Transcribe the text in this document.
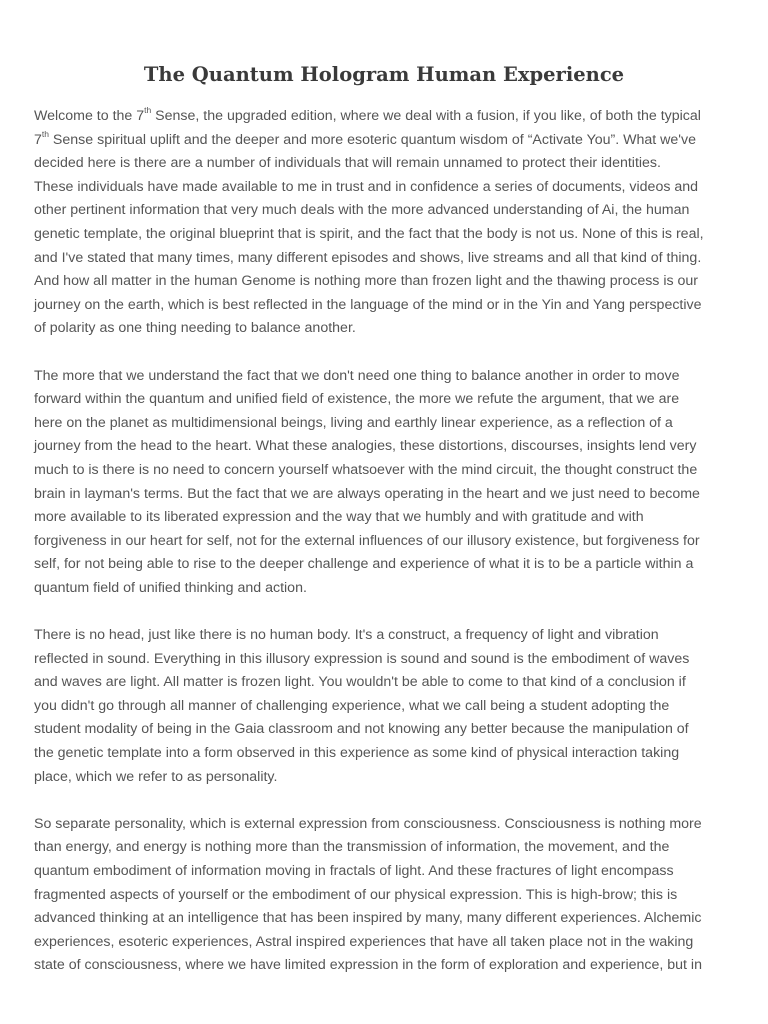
The Quantum Hologram Human Experience

Welcome to the 7th Sense, the upgraded edition, where we deal with a fusion, if you like, of both the typical
7th Sense spiritual uplift and the deeper and more esoteric quantum wisdom of “Activate You”. What we've
decided here is there are a number of individuals that will remain unnamed to protect their identities.
These individuals have made available to me in trust and in confidence a series of documents, videos and
other pertinent information that very much deals with the more advanced understanding of Ai, the human
genetic template, the original blueprint that is spirit, and the fact that the body is not us. None of this is real,
and I've stated that many times, many different episodes and shows, live streams and all that kind of thing.
And how all matter in the human Genome is nothing more than frozen light and the thawing process is our
journey on the earth, which is best reflected in the language of the mind or in the Yin and Yang perspective
of polarity as one thing needing to balance another.

The more that we understand the fact that we don't need one thing to balance another in order to move
forward within the quantum and unified field of existence, the more we refute the argument, that we are
here on the planet as multidimensional beings, living and earthly linear experience, as a reflection of a
journey from the head to the heart. What these analogies, these distortions, discourses, insights lend very
much to is there is no need to concern yourself whatsoever with the mind circuit, the thought construct the
brain in layman's terms. But the fact that we are always operating in the heart and we just need to become
more available to its liberated expression and the way that we humbly and with gratitude and with
forgiveness in our heart for self, not for the external influences of our illusory existence, but forgiveness for
self, for not being able to rise to the deeper challenge and experience of what it is to be a particle within a
quantum field of unified thinking and action.

There is no head, just like there is no human body. It's a construct, a frequency of light and vibration
reflected in sound. Everything in this illusory expression is sound and sound is the embodiment of waves
and waves are light. All matter is frozen light. You wouldn't be able to come to that kind of a conclusion if
you didn't go through all manner of challenging experience, what we call being a student adopting the
student modality of being in the Gaia classroom and not knowing any better because the manipulation of
the genetic template into a form observed in this experience as some kind of physical interaction taking
place, which we refer to as personality.

So separate personality, which is external expression from consciousness. Consciousness is nothing more
than energy, and energy is nothing more than the transmission of information, the movement, and the
quantum embodiment of information moving in fractals of light. And these fractures of light encompass
fragmented aspects of yourself or the embodiment of our physical expression. This is high-brow; this is
advanced thinking at an intelligence that has been inspired by many, many different experiences. Alchemic
experiences, esoteric experiences, Astral inspired experiences that have all taken place not in the waking
state of consciousness, where we have limited expression in the form of exploration and experience, but in
